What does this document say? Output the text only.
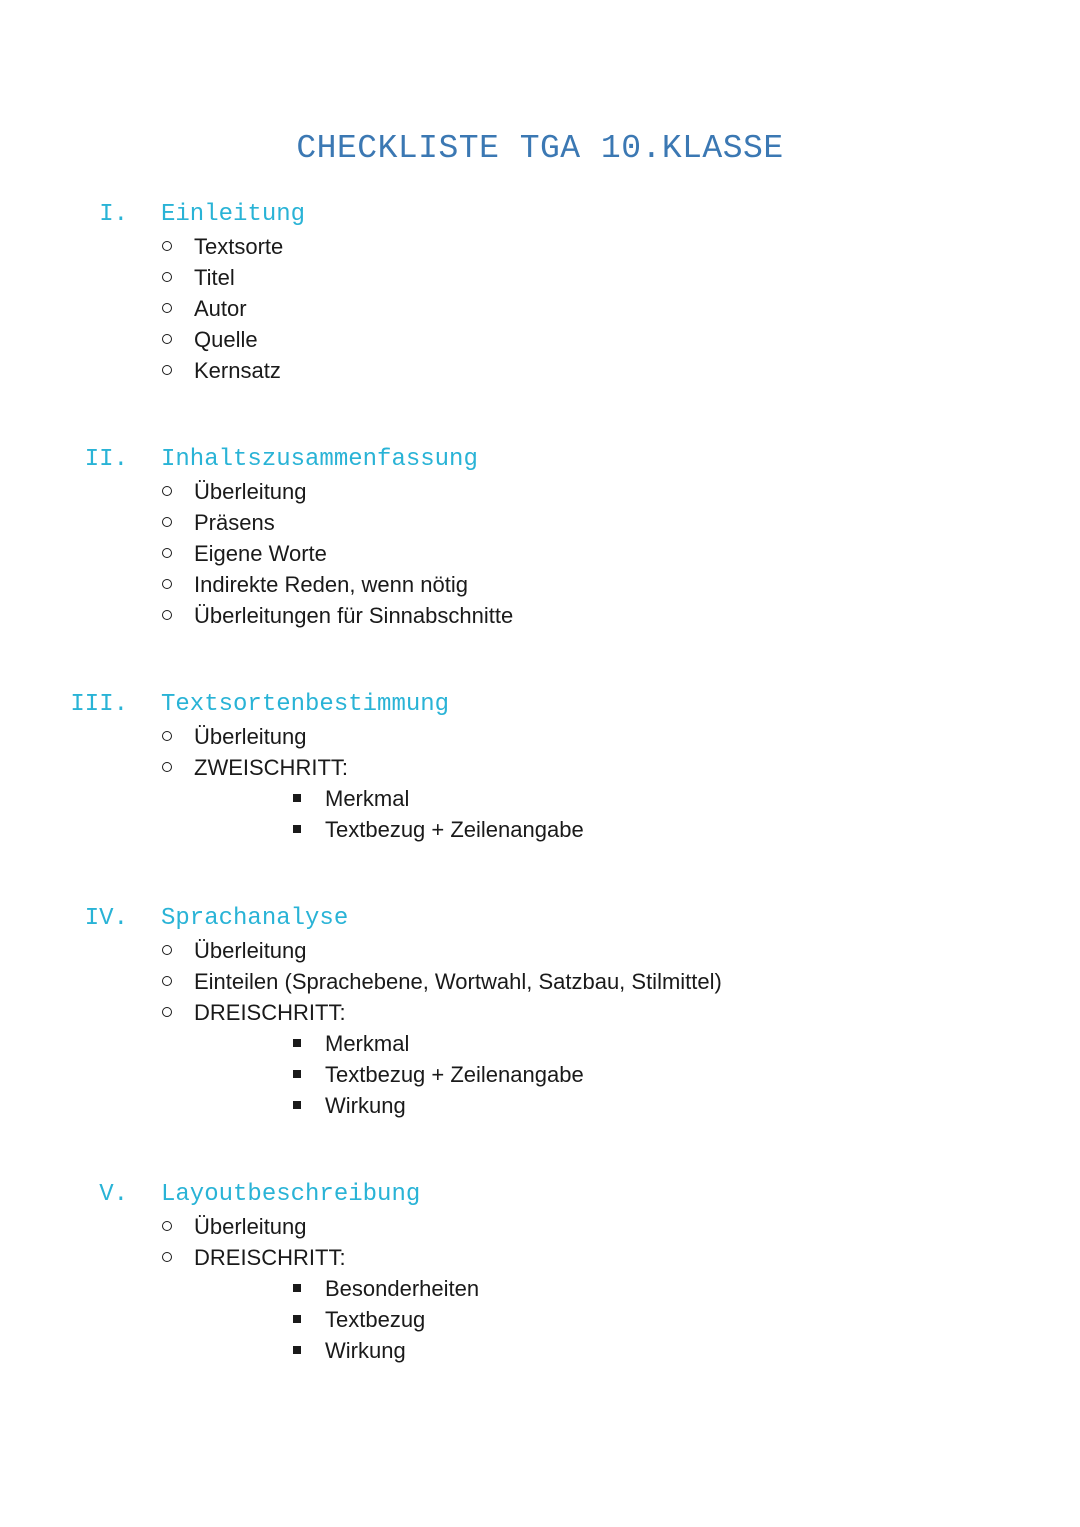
CHECKLISTE TGA 10.KLASSE
I. Einleitung
Textsorte
Titel
Autor
Quelle
Kernsatz
II. Inhaltszusammenfassung
Überleitung
Präsens
Eigene Worte
Indirekte Reden, wenn nötig
Überleitungen für Sinnabschnitte
III. Textsortenbestimmung
Überleitung
ZWEISCHRITT:
Merkmal
Textbezug + Zeilenangabe
IV. Sprachanalyse
Überleitung
Einteilen (Sprachebene, Wortwahl, Satzbau, Stilmittel)
DREISCHRITT:
Merkmal
Textbezug + Zeilenangabe
Wirkung
V. Layoutbeschreibung
Überleitung
DREISCHRITT:
Besonderheiten
Textbezug
Wirkung
